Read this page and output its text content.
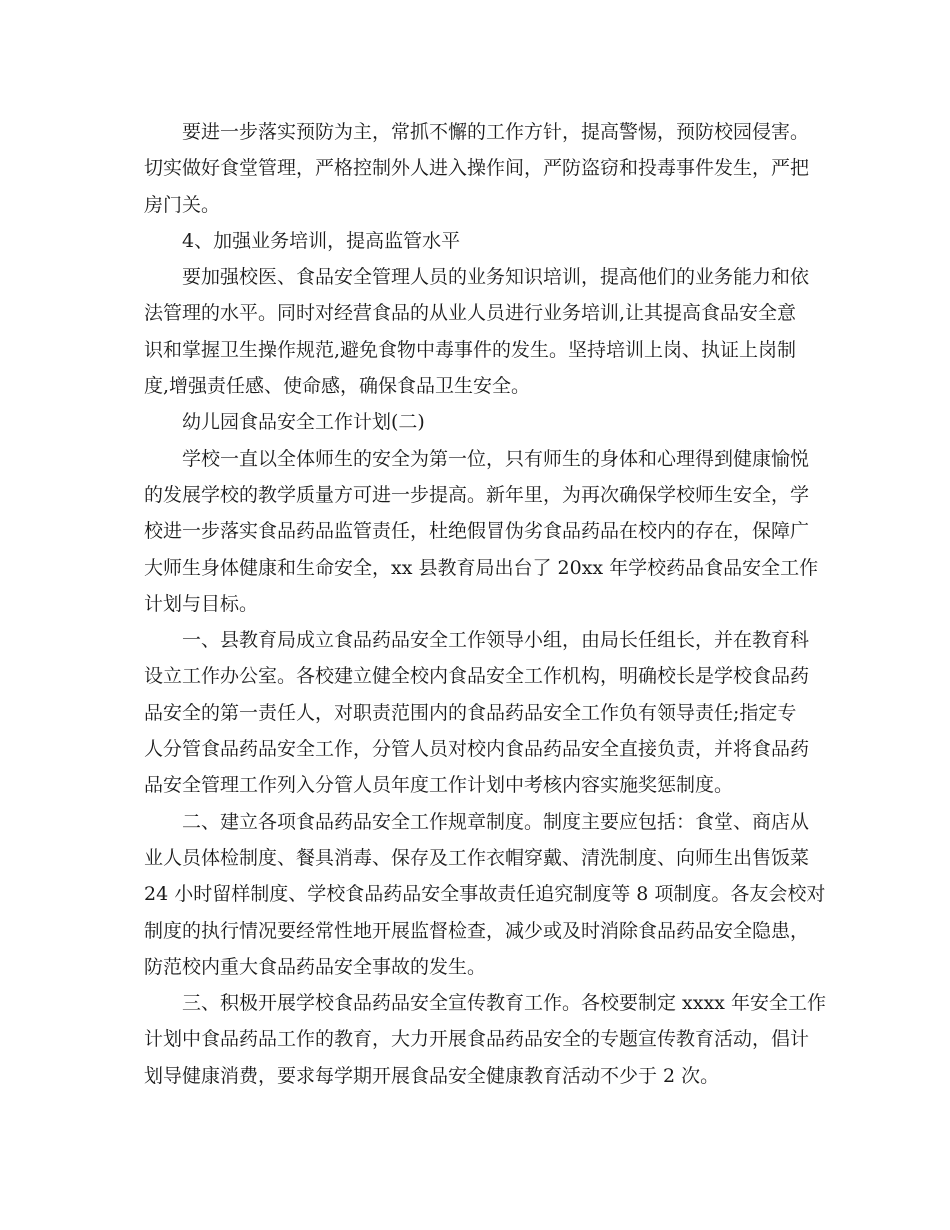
要进一步落实预防为主，常抓不懈的工作方针，提高警惕，预防校园侵害。
切实做好食堂管理，严格控制外人进入操作间，严防盗窃和投毒事件发生，严把
房门关。
4、加强业务培训，提高监管水平
要加强校医、食品安全管理人员的业务知识培训，提高他们的业务能力和依
法管理的水平。同时对经营食品的从业人员进行业务培训,让其提高食品安全意
识和掌握卫生操作规范,避免食物中毒事件的发生。坚持培训上岗、执证上岗制
度,增强责任感、使命感，确保食品卫生安全。
幼儿园食品安全工作计划(二)
学校一直以全体师生的安全为第一位，只有师生的身体和心理得到健康愉悦
的发展学校的教学质量方可进一步提高。新年里，为再次确保学校师生安全，学
校进一步落实食品药品监管责任，杜绝假冒伪劣食品药品在校内的存在，保障广
大师生身体健康和生命安全，xx 县教育局出台了 20xx 年学校药品食品安全工作
计划与目标。
一、县教育局成立食品药品安全工作领导小组，由局长任组长，并在教育科
设立工作办公室。各校建立健全校内食品安全工作机构，明确校长是学校食品药
品安全的第一责任人，对职责范围内的食品药品安全工作负有领导责任;指定专
人分管食品药品安全工作，分管人员对校内食品药品安全直接负责，并将食品药
品安全管理工作列入分管人员年度工作计划中考核内容实施奖惩制度。
二、建立各项食品药品安全工作规章制度。制度主要应包括：食堂、商店从
业人员体检制度、餐具消毒、保存及工作衣帽穿戴、清洗制度、向师生出售饭菜
24 小时留样制度、学校食品药品安全事故责任追究制度等 8 项制度。各友会校对
制度的执行情况要经常性地开展监督检查，减少或及时消除食品药品安全隐患，
防范校内重大食品药品安全事故的发生。
三、积极开展学校食品药品安全宣传教育工作。各校要制定 xxxx 年安全工作
计划中食品药品工作的教育，大力开展食品药品安全的专题宣传教育活动，倡计
划导健康消费，要求每学期开展食品安全健康教育活动不少于 2 次。
